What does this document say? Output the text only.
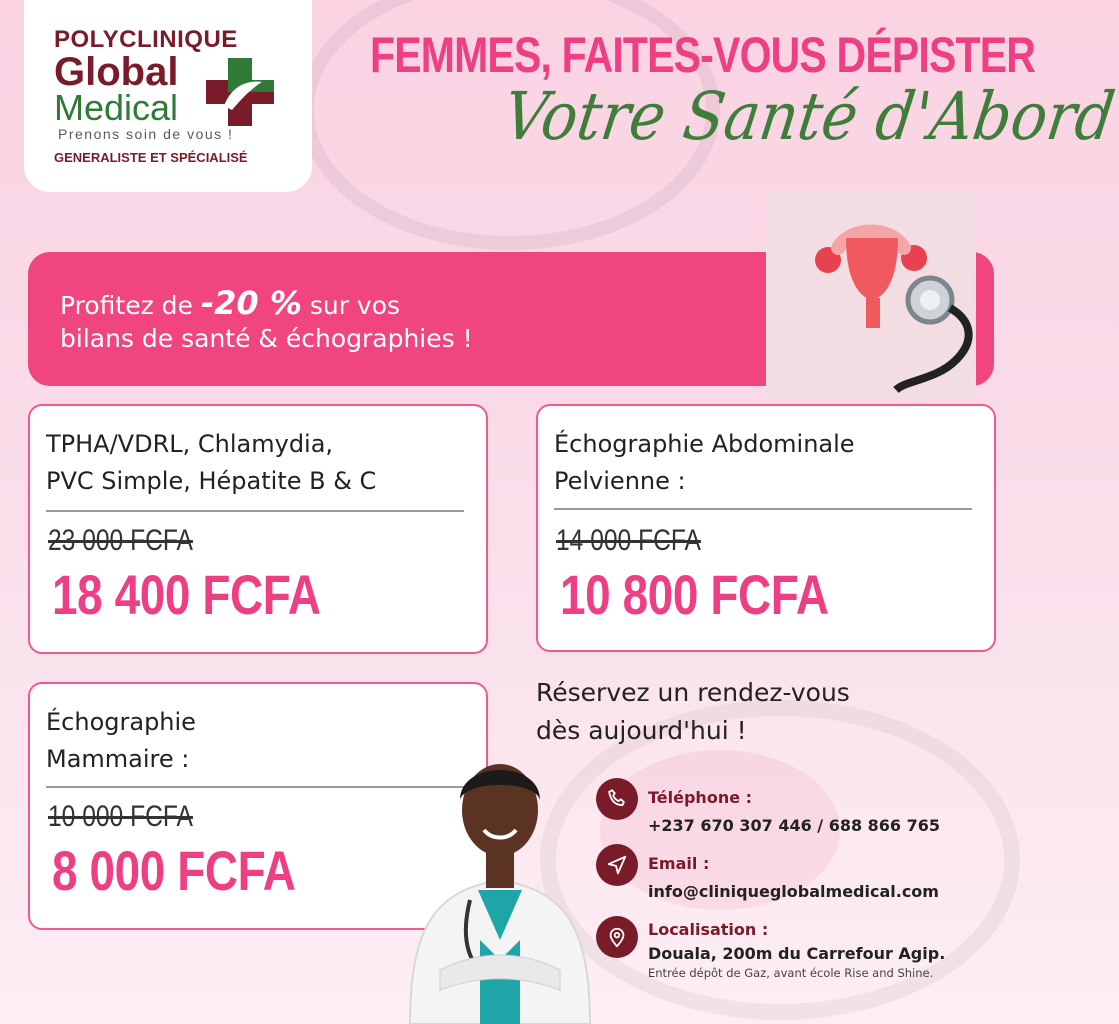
POLYCLINIQUE
Global
Medical
Prenons soin de vous !
GENERALISTE ET SPÉCIALISÉ
FEMMES, FAITES-VOUS DÉPISTER
Votre Santé d'Abord
Profitez de -20 % sur vos
bilans de santé & échographies !
TPHA/VDRL, Chlamydia,
PVC Simple, Hépatite B & C
23 000 FCFA
18 400 FCFA
Échographie Abdominale
Pelvienne :
14 000 FCFA
10 800 FCFA
Échographie
Mammaire :
10 000 FCFA
8 000 FCFA
Réservez un rendez-vous
dès aujourd'hui !
Téléphone :
+237 670 307 446 / 688 866 765
Email :
info@cliniqueglobalmedical.com
Localisation :
Douala, 200m du Carrefour Agip.
Entrée dépôt de Gaz, avant école Rise and Shine.
